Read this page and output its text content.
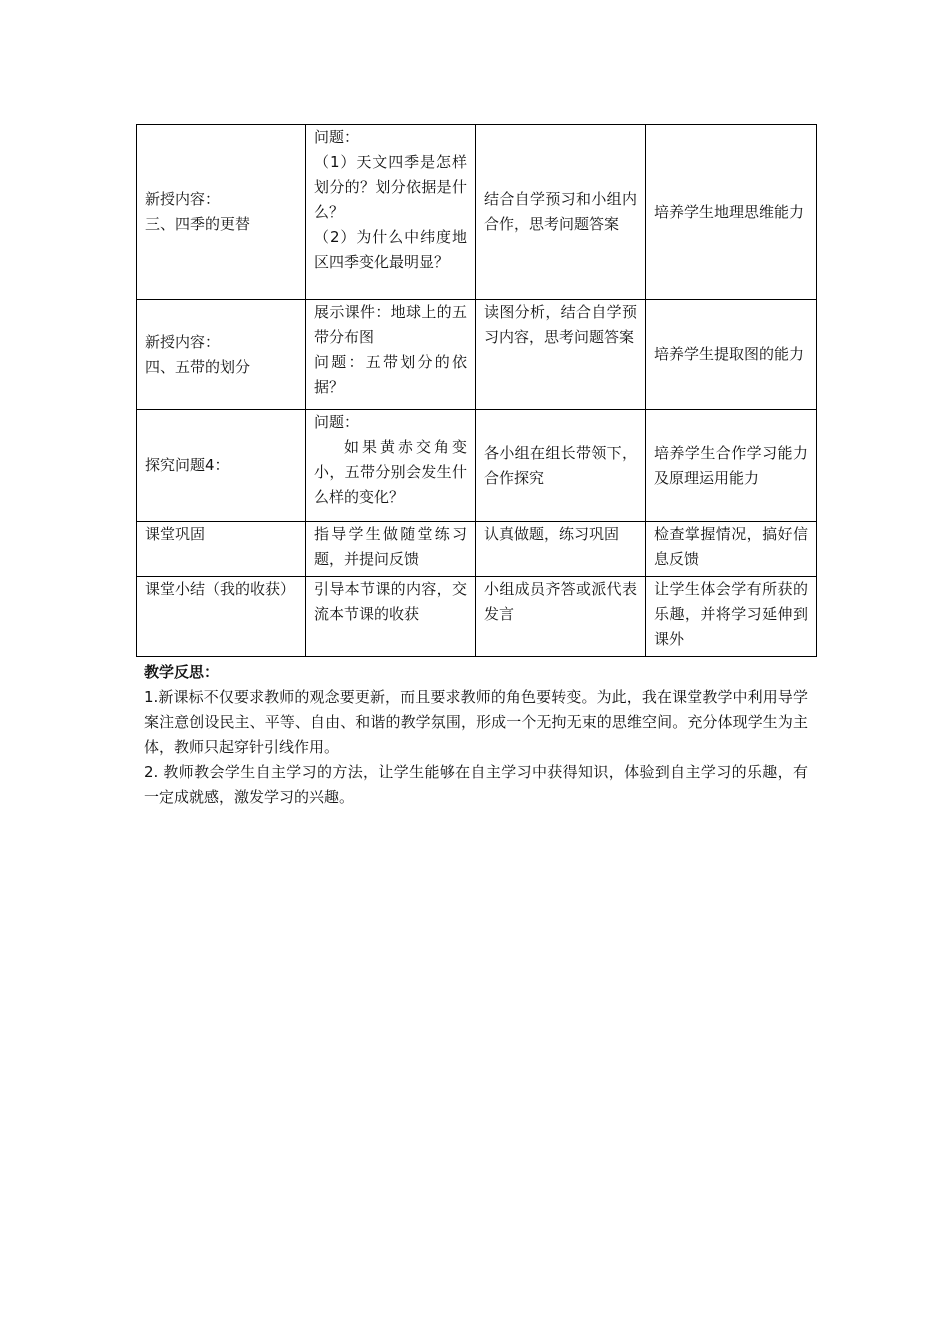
新授内容：
三、四季的更替	问题：
（1）天文四季是怎样划分的？划分依据是什么？
（2）为什么中纬度地区四季变化最明显？	结合自学预习和小组内合作，思考问题答案	培养学生地理思维能力

新授内容：
四、五带的划分	展示课件：地球上的五带分布图
问题：五带划分的依据？	读图分析，结合自学预习内容，思考问题答案	培养学生提取图的能力

探究问题4：	问题：
如果黄赤交角变小，五带分别会发生什么样的变化？	各小组在组长带领下，合作探究	培养学生合作学习能力及原理运用能力

课堂巩固	指导学生做随堂练习题，并提问反馈	认真做题，练习巩固	检查掌握情况，搞好信息反馈

课堂小结（我的收获）	引导本节课的内容，交流本节课的收获	小组成员齐答或派代表发言	让学生体会学有所获的乐趣，并将学习延伸到课外
教学反思：

1.新课标不仅要求教师的观念要更新，而且要求教师的角色要转变。为此，我在课堂教学中利用导学案注意创设民主、平等、自由、和谐的教学氛围，形成一个无拘无束的思维空间。充分体现学生为主体，教师只起穿针引线作用。

2. 教师教会学生自主学习的方法，让学生能够在自主学习中获得知识，体验到自主学习的乐趣，有一定成就感，激发学习的兴趣。
